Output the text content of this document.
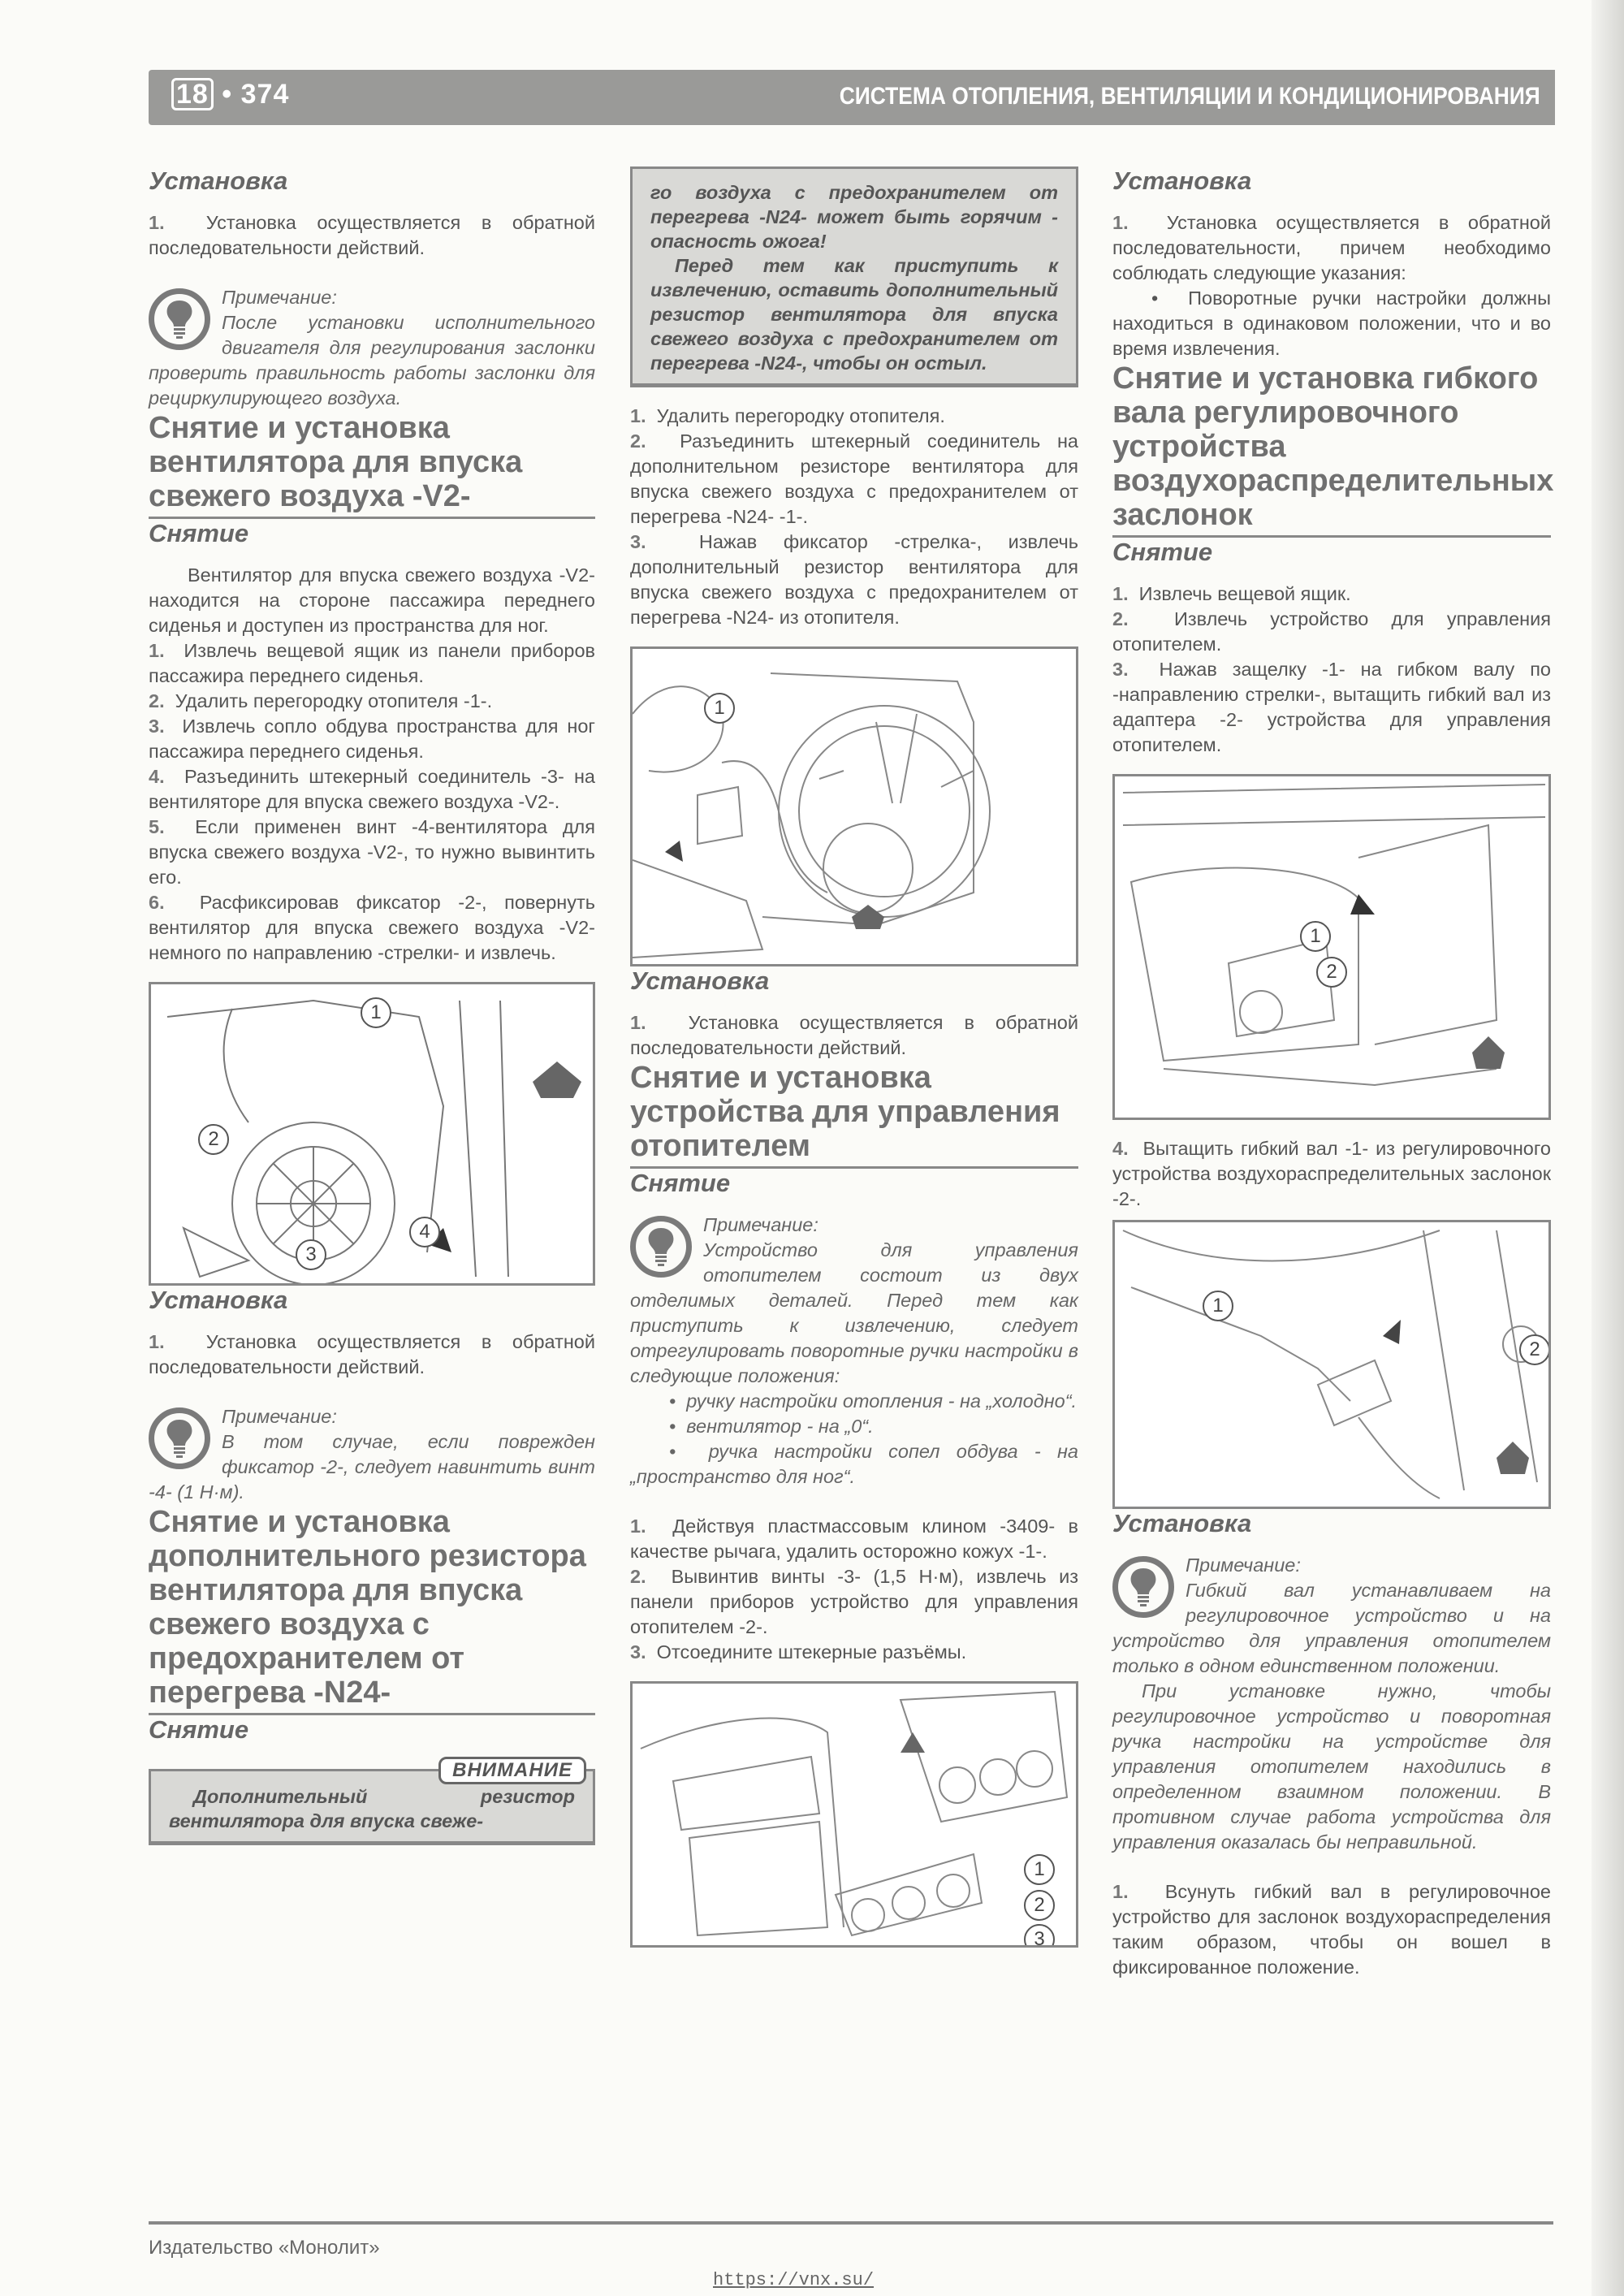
18 • 374	СИСТЕМА ОТОПЛЕНИЯ, ВЕНТИЛЯЦИИ И КОНДИЦИОНИРОВАНИЯ
Установка

1. Установка осуществляется в обратной последовательности действий.

Примечание:
После установки исполнительного двигателя для регулирования заслонки проверить правильность работы заслонки для рециркулирующего воздуха.
Снятие и установка вентилятора для впуска свежего воздуха -V2-
Снятие

Вентилятор для впуска свежего воздуха -V2- находится на стороне пассажира переднего сиденья и доступен из пространства для ног.

1. Извлечь вещевой ящик из панели приборов пассажира переднего сиденья.

2. Удалить перегородку отопителя -1-.

3. Извлечь сопло обдува пространства для ног пассажира переднего сиденья.

4. Разъединить штекерный соединитель -3- на вентиляторе для впуска свежего воздуха -V2-.

5. Если применен винт -4-вентилятора для впуска свежего воздуха -V2-, то нужно вывинтить его.

6. Расфиксировав фиксатор -2-, повернуть вентилятор для впуска свежего воздуха -V2- немного по направлению -стрелки- и извлечь.

1
2
3
4
Установка

1. Установка осуществляется в обратной последовательности действий.

Примечание:
В том случае, если поврежден фиксатор -2-, следует навинтить винт -4- (1 Н·м).
Снятие и установка дополнительного резистора вентилятора для впуска свежего воздуха с предохранителем от перегрева -N24-
Снятие
ВНИМАНИЕ

Дополнительный резистор вентилятора для впуска свеже-

го воздуха с предохранителем от перегрева -N24- может быть горячим - опасность ожога!

Перед тем как приступить к извлечению, оставить дополнительный резистор вентилятора для впуска свежего воздуха с предохранителем от перегрева -N24-, чтобы он остыл.

1. Удалить перегородку отопителя.

2. Разъединить штекерный соединитель на дополнительном резисторе вентилятора для впуска свежего воздуха с предохранителем от перегрева -N24- -1-.

3.	Нажав фиксатор -стрелка-, извлечь дополнительный резистор вентилятора для впуска свежего воздуха с предохранителем от перегрева -N24- из отопителя.

1
Установка

1. Установка осуществляется в обратной последовательности действий.

Снятие и установка устройства для управления отопителем
Снятие
Примечание:
Устройство для управления отопителем состоит из двух отделимых деталей. Перед тем как приступить к извлечению, следует отрегулировать поворотные ручки настройки в следующие положения:
•  ручку настройки отопления - на „холодно“.
•  вентилятор - на „0“.
•  ручка настройки сопел обдува - на „пространство для ног“.

1. Действуя пластмассовым клином -3409- в качестве рычага, удалить осторожно кожух -1-.

2. Вывинтив винты -3- (1,5 Н·м), извлечь из панели приборов устройство для управления отопителем -2-.

3. Отсоедините штекерные разъёмы.

1
2
3
Установка

1. Установка осуществляется в обратной последовательности, причем необходимо соблюдать следующие указания:

•  Поворотные ручки настройки должны находиться в одинаковом положении, что и во время извлечения.

Снятие и установка гибкого вала регулировочного устройства воздухораспределительных заслонок
Снятие

1. Извлечь вещевой ящик.

2. Извлечь устройство для управления отопителем.

3. Нажав защелку -1- на гибком валу по -направлению стрелки-, вытащить гибкий вал из адаптера -2- устройства для управления отопителем.

1
2

4. Вытащить гибкий вал -1- из регулировочного устройства воздухораспределительных заслонок -2-.

1
2
Установка
Примечание:
Гибкий вал устанавливаем на регулировочное устройство и на устройство для управления отопителем только в одном единственном положении.
При установке нужно, чтобы регулировочное устройство и поворотная ручка настройки на устройстве для управления отопителем находились в определенном взаимном положении. В противном случае работа устройства для управления оказалась бы неправильной.

1. Всунуть гибкий вал в регулировочное устройство для заслонок воздухораспределения таким образом, чтобы он вошел в фиксированное положение.

Издательство «Монолит»
https://vnx.su/
